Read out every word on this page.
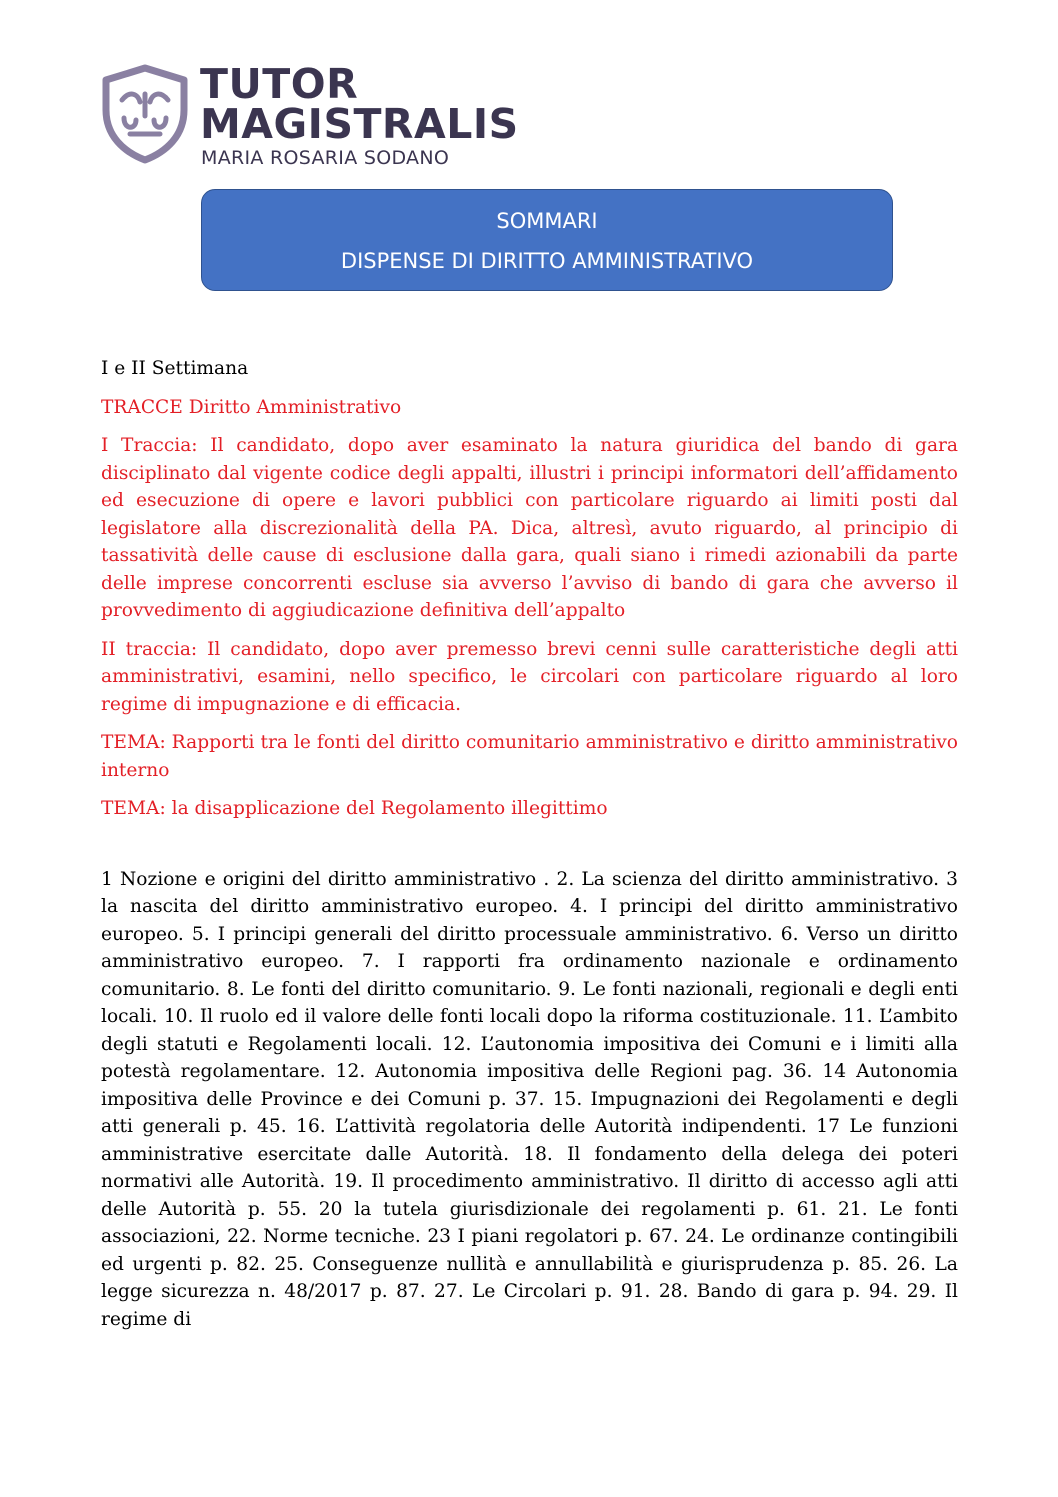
TUTOR
MAGISTRALIS
MARIA ROSARIA SODANO
SOMMARI
DISPENSE DI DIRITTO AMMINISTRATIVO

I e II Settimana

TRACCE Diritto Amministrativo

I Traccia: Il candidato, dopo aver esaminato la natura giuridica del bando di gara disciplinato dal vigente codice degli appalti, illustri i principi informatori dell’affidamento ed esecuzione di opere e lavori pubblici con particolare riguardo ai limiti posti dal legislatore alla discrezionalità della PA. Dica, altresì, avuto riguardo, al principio di tassatività delle cause di esclusione dalla gara, quali siano i rimedi azionabili da parte delle imprese concorrenti escluse sia avverso l’avviso di bando di gara che avverso il provvedimento di aggiudicazione definitiva dell’appalto

II traccia: Il candidato, dopo aver premesso brevi cenni sulle caratteristiche degli atti amministrativi, esamini, nello specifico, le circolari con particolare riguardo al loro regime di impugnazione e di efficacia.

TEMA: Rapporti tra le fonti del diritto comunitario amministrativo e diritto amministrativo interno

TEMA: la disapplicazione del Regolamento illegittimo

1 Nozione e origini del diritto amministrativo . 2. La scienza del diritto amministrativo. 3 la nascita del diritto amministrativo europeo. 4. I principi del diritto amministrativo europeo. 5. I principi generali del diritto processuale amministrativo. 6. Verso un diritto amministrativo europeo. 7. I rapporti fra ordinamento nazionale e ordinamento comunitario. 8. Le fonti del diritto comunitario. 9. Le fonti nazionali, regionali e degli enti locali. 10. Il ruolo ed il valore delle fonti locali dopo la riforma costituzionale. 11. L’ambito degli statuti e Regolamenti locali. 12. L’autonomia impositiva dei Comuni e i limiti alla potestà regolamentare. 12. Autonomia impositiva delle Regioni pag. 36. 14 Autonomia impositiva delle Province e dei Comuni p. 37. 15. Impugnazioni dei Regolamenti e degli atti generali p. 45. 16. L’attività regolatoria delle Autorità indipendenti. 17 Le funzioni amministrative esercitate dalle Autorità. 18. Il fondamento della delega dei poteri normativi alle Autorità. 19. Il procedimento amministrativo. Il diritto di accesso agli atti delle Autorità p. 55. 20 la tutela giurisdizionale dei regolamenti p. 61. 21. Le fonti associazioni, 22. Norme tecniche. 23 I piani regolatori p. 67. 24. Le ordinanze contingibili ed urgenti p. 82. 25. Conseguenze nullità e annullabilità e giurisprudenza p. 85. 26. La legge sicurezza n. 48/2017 p. 87. 27. Le Circolari p. 91. 28. Bando di gara p. 94. 29. Il regime di
